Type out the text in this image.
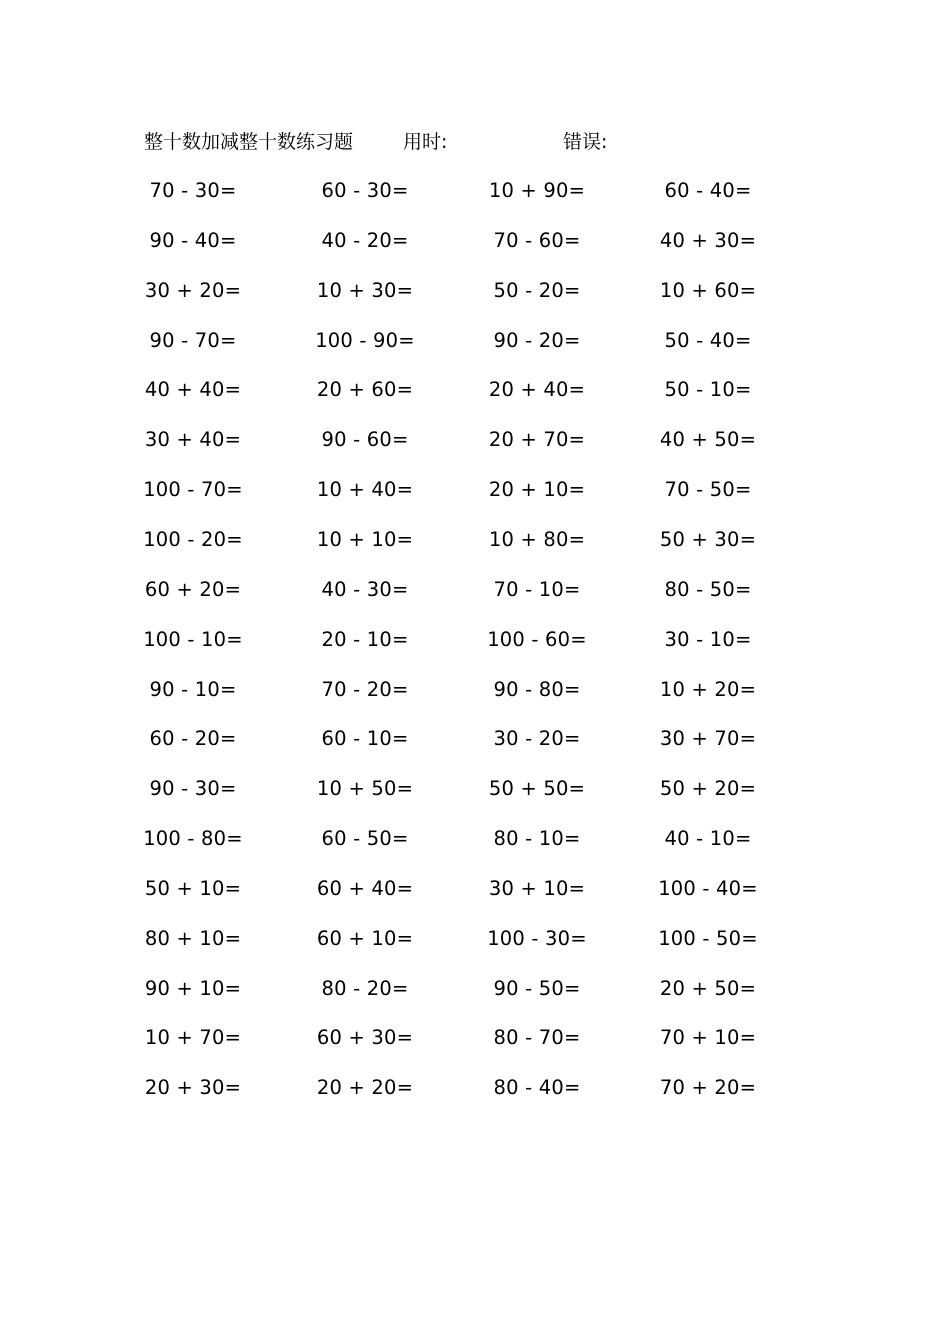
整十数加减整十数练习题	用时:	错误:
70 - 30=	60 - 30=	10 + 90=	60 - 40=
90 - 40=	40 - 20=	70 - 60=	40 + 30=
30 + 20=	10 + 30=	50 - 20=	10 + 60=
90 - 70=	100 - 90=	90 - 20=	50 - 40=
40 + 40=	20 + 60=	20 + 40=	50 - 10=
30 + 40=	90 - 60=	20 + 70=	40 + 50=
100 - 70=	10 + 40=	20 + 10=	70 - 50=
100 - 20=	10 + 10=	10 + 80=	50 + 30=
60 + 20=	40 - 30=	70 - 10=	80 - 50=
100 - 10=	20 - 10=	100 - 60=	30 - 10=
90 - 10=	70 - 20=	90 - 80=	10 + 20=
60 - 20=	60 - 10=	30 - 20=	30 + 70=
90 - 30=	10 + 50=	50 + 50=	50 + 20=
100 - 80=	60 - 50=	80 - 10=	40 - 10=
50 + 10=	60 + 40=	30 + 10=	100 - 40=
80 + 10=	60 + 10=	100 - 30=	100 - 50=
90 + 10=	80 - 20=	90 - 50=	20 + 50=
10 + 70=	60 + 30=	80 - 70=	70 + 10=
20 + 30=	20 + 20=	80 - 40=	70 + 20=
